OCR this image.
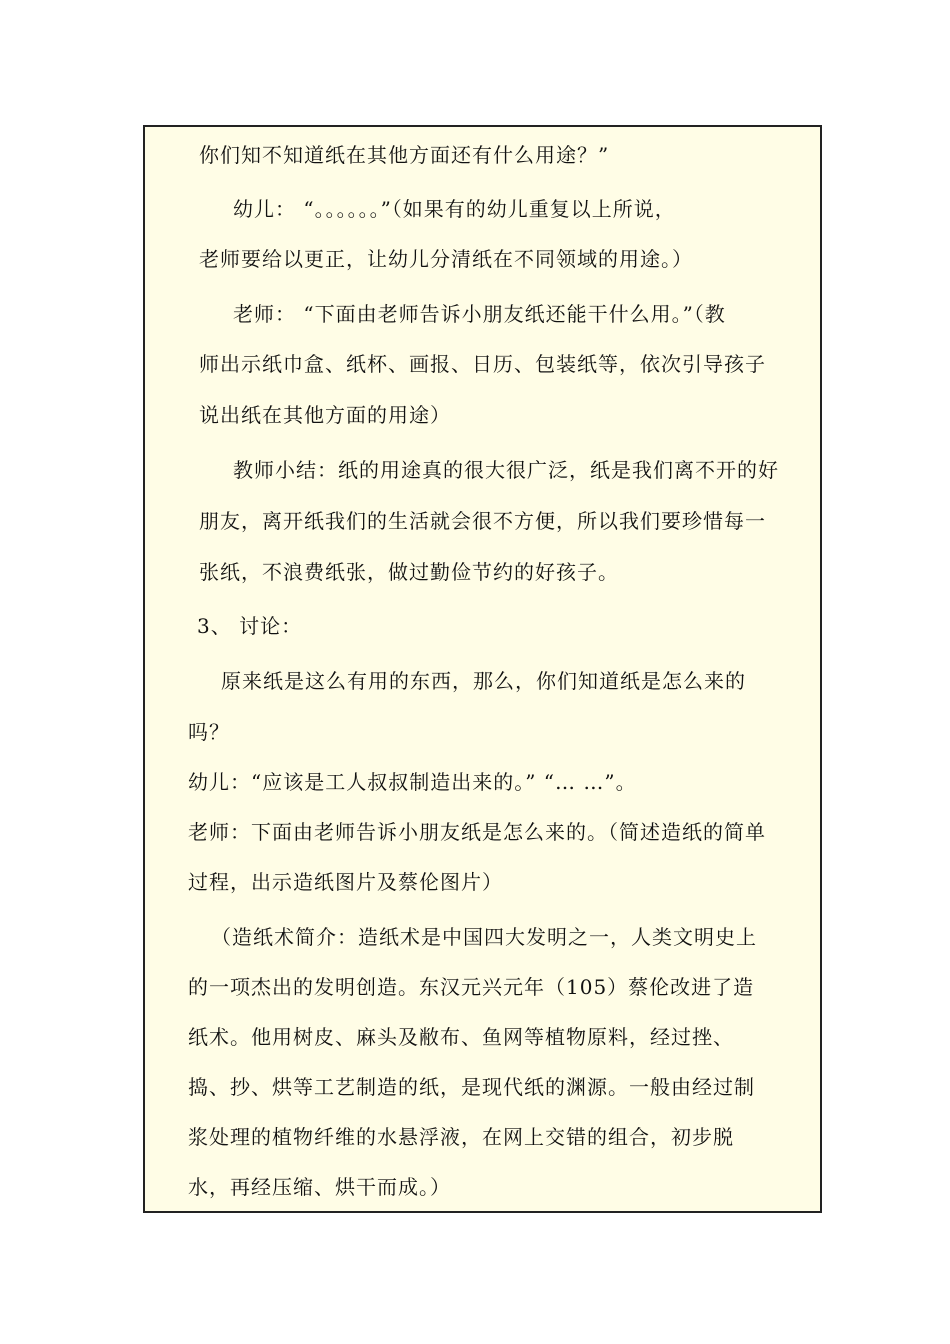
你们知不知道纸在其他方面还有什么用途？”
幼儿： “。。。。。。”（如果有的幼儿重复以上所说，
老师要给以更正，让幼儿分清纸在不同领域的用途。）
老师： “下面由老师告诉小朋友纸还能干什么用。”（教
师出示纸巾盒、纸杯、画报、日历、包装纸等，依次引导孩子
说出纸在其他方面的用途）
教师小结：纸的用途真的很大很广泛，纸是我们离不开的好
朋友，离开纸我们的生活就会很不方便，所以我们要珍惜每一
张纸，不浪费纸张，做过勤俭节约的好孩子。
3、 讨论：
原来纸是这么有用的东西，那么，你们知道纸是怎么来的
吗？
幼儿：“应该是工人叔叔制造出来的。” “… …”。
老师：下面由老师告诉小朋友纸是怎么来的。（简述造纸的简单
过程，出示造纸图片及蔡伦图片）
（造纸术简介：造纸术是中国四大发明之一，人类文明史上
的一项杰出的发明创造。东汉元兴元年（105）蔡伦改进了造
纸术。他用树皮、麻头及敝布、鱼网等植物原料，经过挫、
捣、抄、烘等工艺制造的纸，是现代纸的渊源。一般由经过制
浆处理的植物纤维的水悬浮液，在网上交错的组合，初步脱
水，再经压缩、烘干而成。）
